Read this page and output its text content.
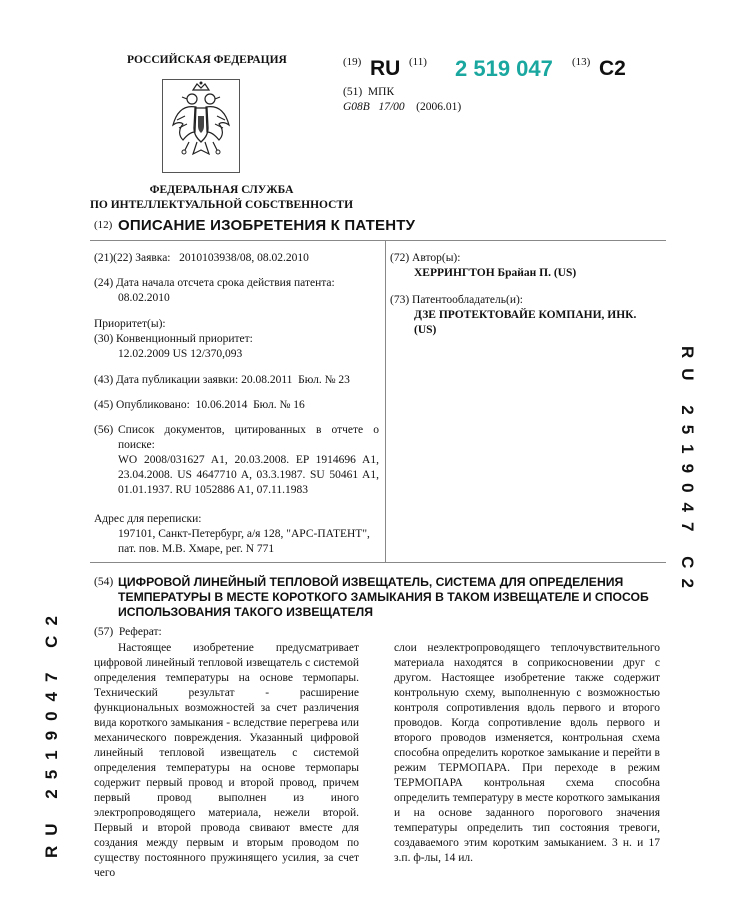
РОССИЙСКАЯ ФЕДЕРАЦИЯ
ФЕДЕРАЛЬНАЯ СЛУЖБА
ПО ИНТЕЛЛЕКТУАЛЬНОЙ СОБСТВЕННОСТИ
(19) RU (11) 2 519 047 (13) C2
(51) МПК
G08B 17/00 (2006.01)
(12) ОПИСАНИЕ ИЗОБРЕТЕНИЯ К ПАТЕНТУ
(21)(22) Заявка: 2010103938/08, 08.02.2010
(24) Дата начала отсчета срока действия патента:
08.02.2010
Приоритет(ы):
(30) Конвенционный приоритет:
12.02.2009 US 12/370,093
(43) Дата публикации заявки: 20.08.2011 Бюл. № 23
(45) Опубликовано: 10.06.2014 Бюл. № 16
(56) Список документов, цитированных в отчете о поиске:
WO 2008/031627 A1, 20.03.2008. EP 1914696 A1, 23.04.2008. US 4647710 A, 03.3.1987. SU 50461 A1, 01.01.1937. RU 1052886 A1, 07.11.1983
Адрес для переписки:
197101, Санкт-Петербург, а/я 128, "АРС-ПАТЕНТ", пат. пов. М.В. Хмаре, рег. N 771
(72) Автор(ы):
ХЕРРИНГТОН Брайан П. (US)
(73) Патентообладатель(и):
ДЗЕ ПРОТЕКТОВАЙЕ КОМПАНИ, ИНК. (US)
(54) ЦИФРОВОЙ ЛИНЕЙНЫЙ ТЕПЛОВОЙ ИЗВЕЩАТЕЛЬ, СИСТЕМА ДЛЯ ОПРЕДЕЛЕНИЯ ТЕМПЕРАТУРЫ В МЕСТЕ КОРОТКОГО ЗАМЫКАНИЯ В ТАКОМ ИЗВЕЩАТЕЛЕ И СПОСОБ ИСПОЛЬЗОВАНИЯ ТАКОГО ИЗВЕЩАТЕЛЯ
(57) Реферат:
Настоящее изобретение предусматривает цифровой линейный тепловой извещатель с системой определения температуры на основе термопары. Технический результат - расширение функциональных возможностей за счет различения вида короткого замыкания - вследствие перегрева или механического повреждения. Указанный цифровой линейный тепловой извещатель с системой определения температуры на основе термопары содержит первый провод и второй провод, причем первый провод выполнен из иного электропроводящего материала, нежели второй. Первый и второй провода свивают вместе для создания между первым и вторым проводом по существу постоянного пружинящего усилия, за счет чего
слои неэлектропроводящего теплочувствительного материала находятся в соприкосновении друг с другом. Настоящее изобретение также содержит контрольную схему, выполненную с возможностью контроля сопротивления вдоль первого и второго проводов. Когда сопротивление вдоль первого и второго проводов изменяется, контрольная схема способна определить короткое замыкание и перейти в режим ТЕРМОПАРА. При переходе в режим ТЕРМОПАРА контрольная схема способна определить температуру в месте короткого замыкания и на основе заданного порогового значения температуры определить тип состояния тревоги, создаваемого этим коротким замыканием. 3 н. и 17 з.п. ф-лы, 14 ил.
RU 2519047 C2
RU 2519047 C2
